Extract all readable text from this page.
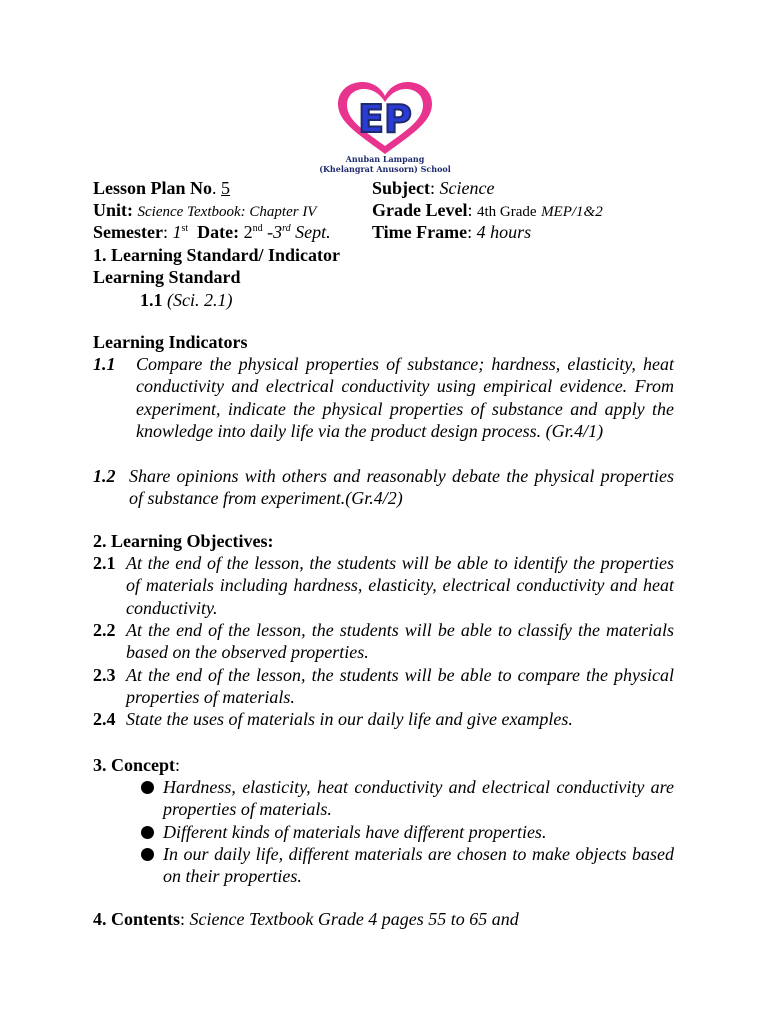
EP
Anuban Lampang
(Khelangrat Anusorn) School
Lesson Plan No. 5	Subject: Science
Unit: Science Textbook: Chapter IV	Grade Level: 4th Grade MEP/1&2
Semester: 1st Date: 2nd -3rd Sept. Time Frame: 4 hours
1. Learning Standard/ Indicator
Learning Standard
1.1 (Sci. 2.1)
Learning Indicators
1.1 Compare the physical properties of substance; hardness, elasticity, heat conductivity and electrical conductivity using empirical evidence. From experiment, indicate the physical properties of substance and apply the knowledge into daily life via the product design process. (Gr.4/1)
1.2 Share opinions with others and reasonably debate the physical properties of substance from experiment.(Gr.4/2)
2. Learning Objectives:
2.1 At the end of the lesson, the students will be able to identify the properties of materials including hardness, elasticity, electrical conductivity and heat conductivity.
2.2 At the end of the lesson, the students will be able to classify the materials based on the observed properties.
2.3 At the end of the lesson, the students will be able to compare the physical properties of materials.
2.4 State the uses of materials in our daily life and give examples.
3. Concept:
Hardness, elasticity, heat conductivity and electrical conductivity are properties of materials.
Different kinds of materials have different properties.
In our daily life, different materials are chosen to make objects based on their properties.
4. Contents: Science Textbook Grade 4 pages 55 to 65 and
